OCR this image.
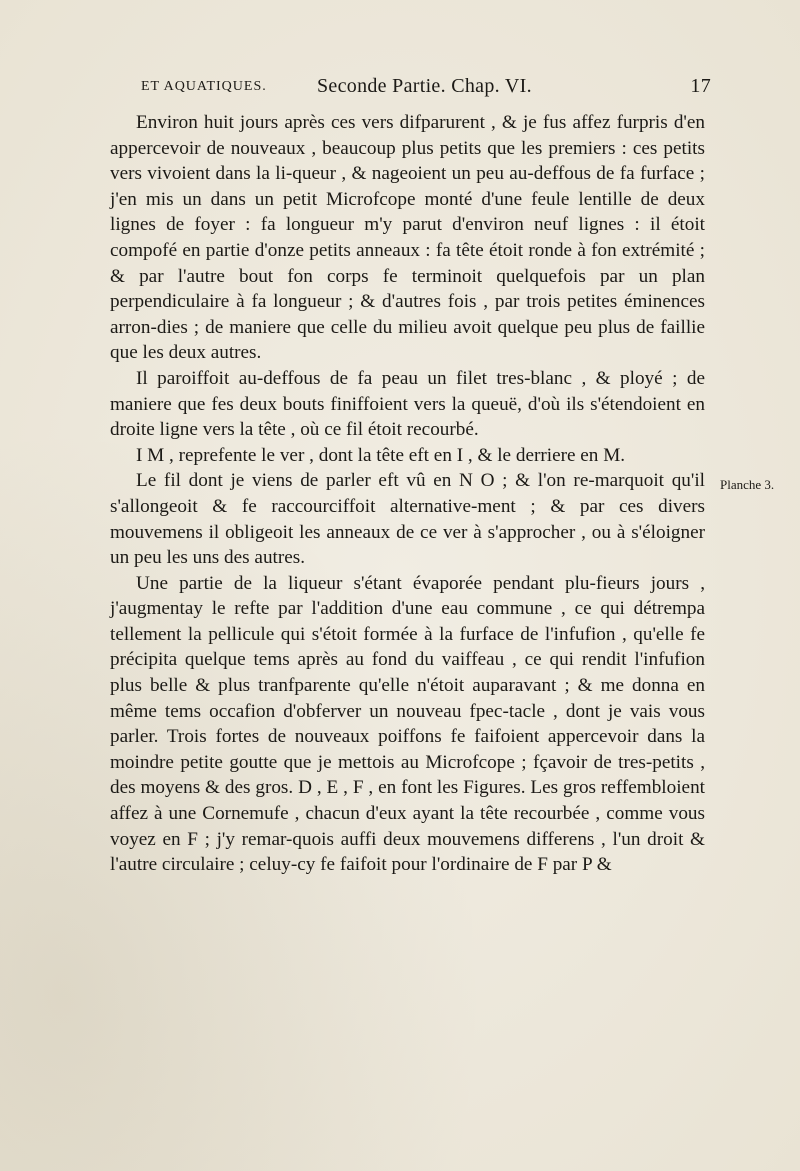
ET AQUATIQUES.	Seconde Partie. Chap. VI.	17

Environ huit jours après ces vers difparurent , & je fus affez furpris d'en appercevoir de nouveaux , beaucoup plus petits que les premiers : ces petits vers vivoient dans la li-queur , & nageoient un peu au-deffous de fa furface ; j'en mis un dans un petit Microfcope monté d'une feule lentille de deux lignes de foyer : fa longueur m'y parut d'environ neuf lignes : il étoit compofé en partie d'onze petits anneaux : fa tête étoit ronde à fon extrémité ; & par l'autre bout fon corps fe terminoit quelquefois par un plan perpendiculaire à fa longueur ; & d'autres fois , par trois petites éminences arron-dies ; de maniere que celle du milieu avoit quelque peu plus de faillie que les deux autres.

Il paroiffoit au-deffous de fa peau un filet tres-blanc , & ployé ; de maniere que fes deux bouts finiffoient vers la queuë, d'où ils s'étendoient en droite ligne vers la tête , où ce fil étoit recourbé.

I M , reprefente le ver , dont la tête eft en I , & le derriere en M.

Le fil dont je viens de parler eft vû en N O ; & l'on re-marquoit qu'il s'allongeoit & fe raccourciffoit alternative-ment ; & par ces divers mouvemens il obligeoit les anneaux de ce ver à s'approcher , ou à s'éloigner un peu les uns des autres.

Une partie de la liqueur s'étant évaporée pendant plu-fieurs jours , j'augmentay le refte par l'addition d'une eau commune , ce qui détrempa tellement la pellicule qui s'étoit formée à la furface de l'infufion , qu'elle fe précipita quelque tems après au fond du vaiffeau , ce qui rendit l'infufion plus belle & plus tranfparente qu'elle n'étoit auparavant ; & me donna en même tems occafion d'obferver un nouveau fpec-tacle , dont je vais vous parler. Trois fortes de nouveaux poiffons fe faifoient appercevoir dans la moindre petite goutte que je mettois au Microfcope ; fçavoir de tres-petits , des moyens & des gros. D , E , F , en font les Figures. Les gros reffembloient affez à une Cornemufe , chacun d'eux ayant la tête recourbée , comme vous voyez en F ; j'y remar-quois auffi deux mouvemens differens , l'un droit & l'autre circulaire ; celuy-cy fe faifoit pour l'ordinaire de F par P &

Planche 3.
